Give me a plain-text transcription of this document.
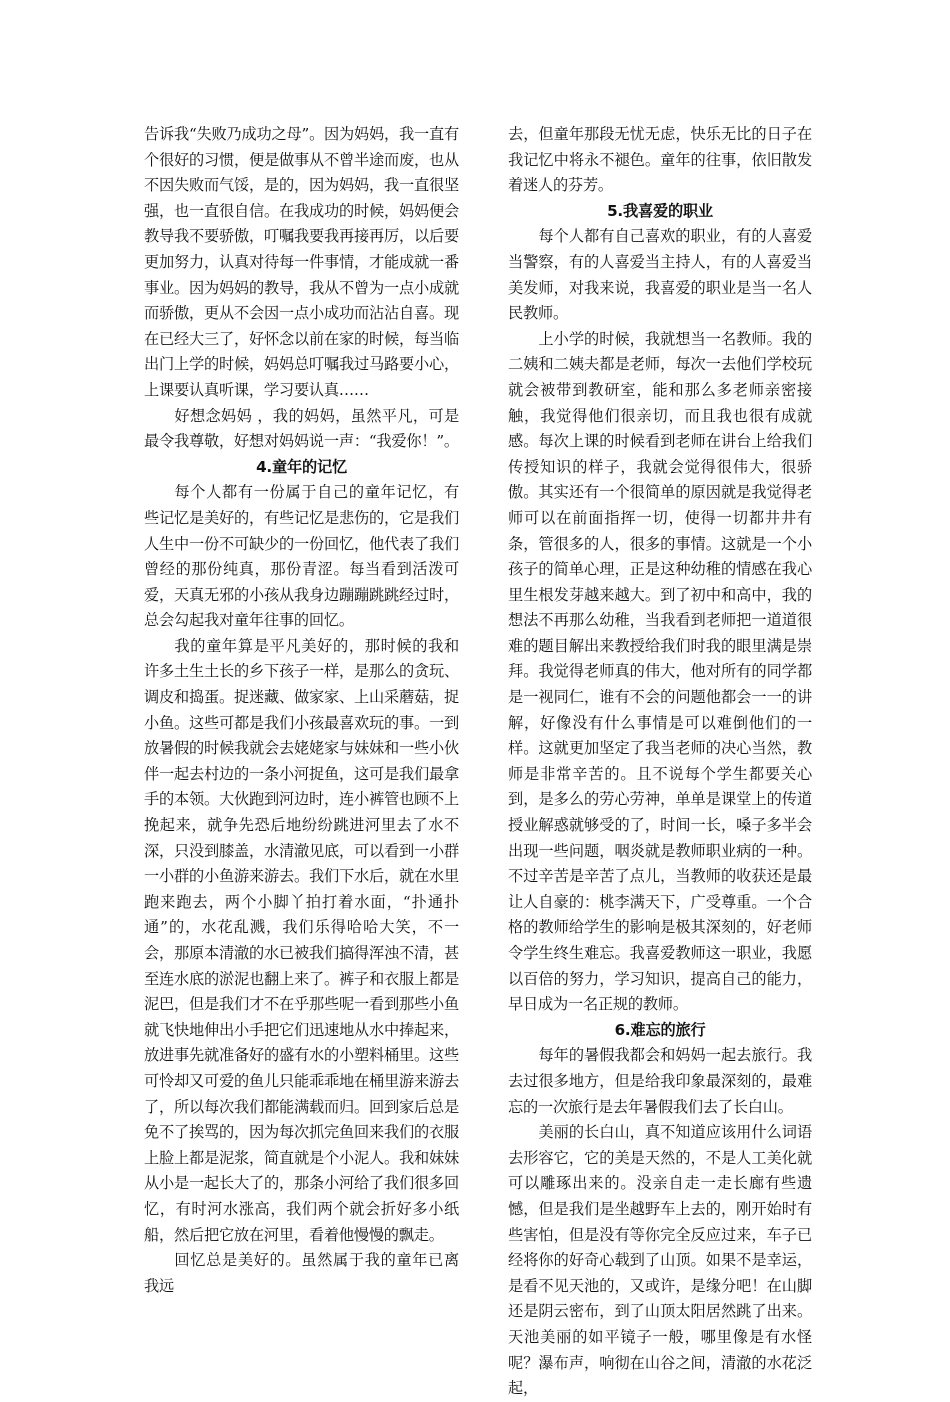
告诉我“失败乃成功之母”。因为妈妈，我一直有个很好的习惯，便是做事从不曾半途而废，也从不因失败而气馁，是的，因为妈妈，我一直很坚强，也一直很自信。在我成功的时候，妈妈便会教导我不要骄傲，叮嘱我要我再接再厉，以后要更加努力，认真对待每一件事情，才能成就一番事业。因为妈妈的教导，我从不曾为一点小成就而骄傲，更从不会因一点小成功而沾沾自喜。现在已经大三了，好怀念以前在家的时候，每当临出门上学的时候，妈妈总叮嘱我过马路要小心，上课要认真听课，学习要认真……

好想念妈妈 ，我的妈妈，虽然平凡，可是最令我尊敬，好想对妈妈说一声：“我爱你！”。

4.童年的记忆

每个人都有一份属于自己的童年记忆，有些记忆是美好的，有些记忆是悲伤的，它是我们人生中一份不可缺少的一份回忆，他代表了我们曾经的那份纯真，那份青涩。每当看到活泼可爱，天真无邪的小孩从我身边蹦蹦跳跳经过时，总会勾起我对童年往事的回忆。

我的童年算是平凡美好的，那时候的我和许多土生土长的乡下孩子一样，是那么的贪玩、调皮和捣蛋。捉迷藏、做家家、上山采蘑菇，捉小鱼。这些可都是我们小孩最喜欢玩的事。一到放暑假的时候我就会去姥姥家与妹妹和一些小伙伴一起去村边的一条小河捉鱼，这可是我们最拿手的本领。大伙跑到河边时，连小裤管也顾不上挽起来，就争先恐后地纷纷跳进河里去了水不深，只没到膝盖，水清澈见底，可以看到一小群一小群的小鱼游来游去。我们下水后，就在水里跑来跑去，两个小脚丫拍打着水面，“扑通扑通”的，水花乱溅，我们乐得哈哈大笑，不一会，那原本清澈的水已被我们搞得浑浊不清，甚至连水底的淤泥也翻上来了。裤子和衣服上都是泥巴，但是我们才不在乎那些呢一看到那些小鱼就飞快地伸出小手把它们迅速地从水中捧起来，放进事先就准备好的盛有水的小塑料桶里。这些可怜却又可爱的鱼儿只能乖乖地在桶里游来游去了，所以每次我们都能满载而归。回到家后总是免不了挨骂的，因为每次抓完鱼回来我们的衣服上脸上都是泥浆，简直就是个小泥人。我和妹妹从小是一起长大了的，那条小河给了我们很多回忆，有时河水涨高，我们两个就会折好多小纸船，然后把它放在河里，看着他慢慢的飘走。

回忆总是美好的。虽然属于我的童年已离我远

去，但童年那段无忧无虑，快乐无比的日子在我记忆中将永不褪色。童年的往事，依旧散发着迷人的芬芳。

5.我喜爱的职业

每个人都有自己喜欢的职业，有的人喜爱当警察，有的人喜爱当主持人，有的人喜爱当美发师，对我来说，我喜爱的职业是当一名人民教师。

上小学的时候，我就想当一名教师。我的二姨和二姨夫都是老师，每次一去他们学校玩就会被带到教研室，能和那么多老师亲密接触，我觉得他们很亲切，而且我也很有成就感。每次上课的时候看到老师在讲台上给我们传授知识的样子，我就会觉得很伟大，很骄傲。其实还有一个很简单的原因就是我觉得老师可以在前面指挥一切，使得一切都井井有条，管很多的人，很多的事情。这就是一个小孩子的简单心理，正是这种幼稚的情感在我心里生根发芽越来越大。到了初中和高中，我的想法不再那么幼稚，当我看到老师把一道道很难的题目解出来教授给我们时我的眼里满是崇拜。我觉得老师真的伟大，他对所有的同学都是一视同仁，谁有不会的问题他都会一一的讲解，好像没有什么事情是可以难倒他们的一样。这就更加坚定了我当老师的决心当然，教师是非常辛苦的。且不说每个学生都要关心到，是多么的劳心劳神，单单是课堂上的传道授业解惑就够受的了，时间一长，嗓子多半会出现一些问题，咽炎就是教师职业病的一种。不过辛苦是辛苦了点儿，当教师的收获还是最让人自豪的：桃李满天下，广受尊重。一个合格的教师给学生的影响是极其深刻的，好老师令学生终生难忘。我喜爱教师这一职业，我愿以百倍的努力，学习知识，提高自己的能力，早日成为一名正规的教师。

6.难忘的旅行

每年的暑假我都会和妈妈一起去旅行。我去过很多地方，但是给我印象最深刻的，最难忘的一次旅行是去年暑假我们去了长白山。

美丽的长白山，真不知道应该用什么词语去形容它，它的美是天然的，不是人工美化就可以雕琢出来的。没亲自走一走长廊有些遗憾，但是我们是坐越野车上去的，刚开始时有些害怕，但是没有等你完全反应过来，车子已经将你的好奇心载到了山顶。如果不是幸运，是看不见天池的，又或许，是缘分吧！在山脚还是阴云密布，到了山顶太阳居然跳了出来。天池美丽的如平镜子一般，哪里像是有水怪呢？瀑布声，响彻在山谷之间，清澈的水花泛起，
